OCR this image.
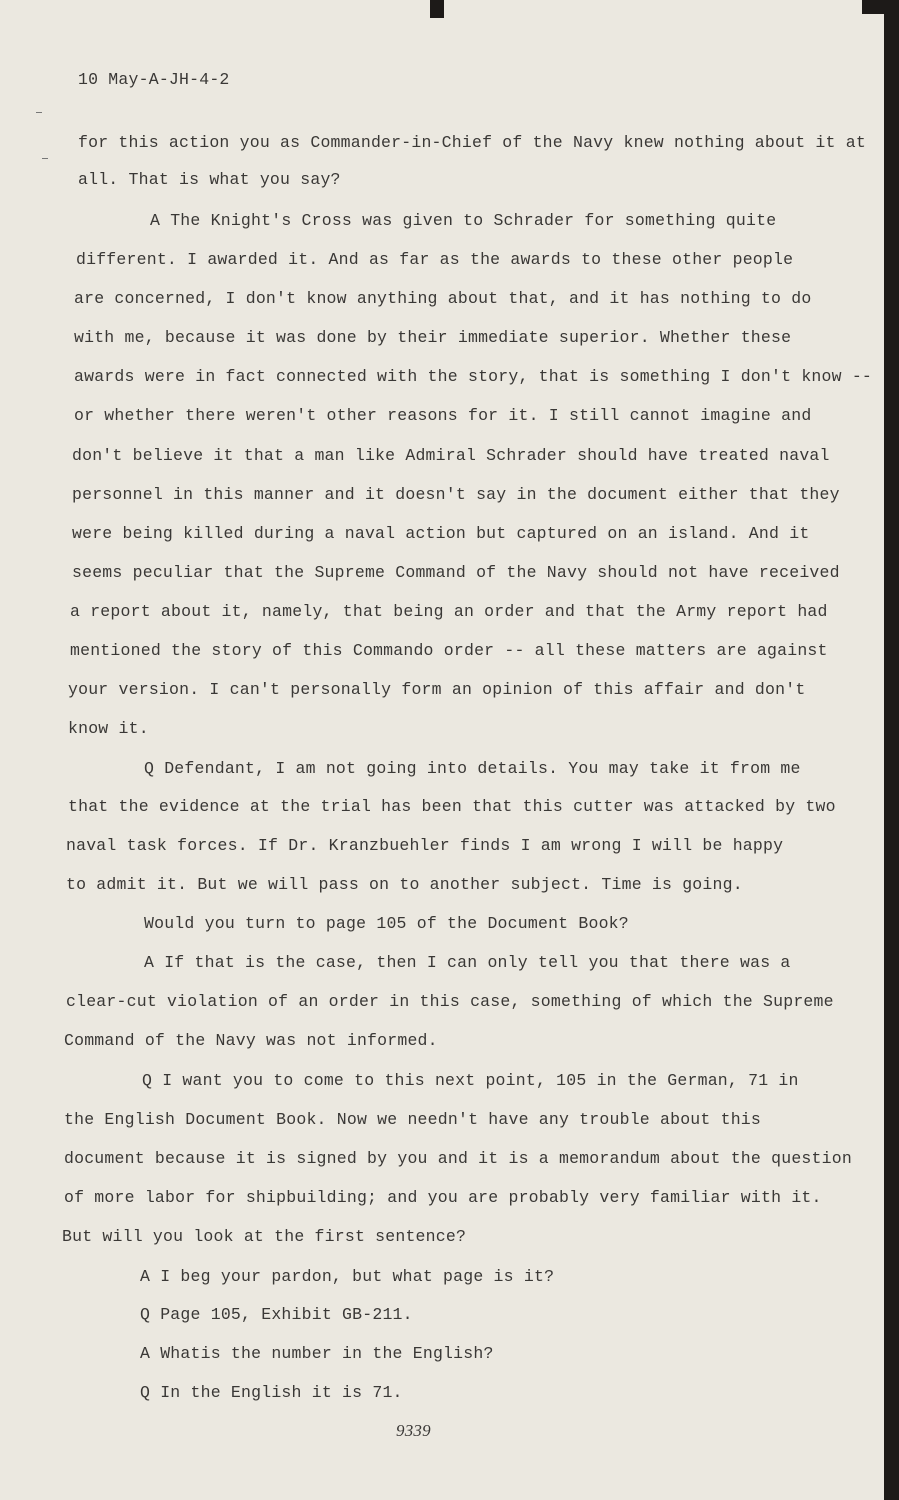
10 May-A-JH-4-2
for this action you as Commander-in-Chief of the Navy knew nothing about it at
all. That is what you say?
A The Knight's Cross was given to Schrader for something quite
different. I awarded it. And as far as the awards to these other people
are concerned, I don't know anything about that, and it has nothing to do
with me, because it was done by their immediate superior. Whether these
awards were in fact connected with the story, that is something I don't know --
or whether there weren't other reasons for it. I still cannot imagine and
don't believe it that a man like Admiral Schrader should have treated naval
personnel in this manner and it doesn't say in the document either that they
were being killed during a naval action but captured on an island. And it
seems peculiar that the Supreme Command of the Navy should not have received
a report about it, namely, that being an order and that the Army report had
mentioned the story of this Commando order -- all these matters are against
your version. I can't personally form an opinion of this affair and don't
know it.
Q Defendant, I am not going into details. You may take it from me
that the evidence at the trial has been that this cutter was attacked by two
naval task forces. If Dr. Kranzbuehler finds I am wrong I will be happy
to admit it. But we will pass on to another subject. Time is going.
Would you turn to page 105 of the Document Book?
A If that is the case, then I can only tell you that there was a
clear-cut violation of an order in this case, something of which the Supreme
Command of the Navy was not informed.
Q I want you to come to this next point, 105 in the German, 71 in
the English Document Book. Now we needn't have any trouble about this
document because it is signed by you and it is a memorandum about the question
of more labor for shipbuilding; and you are probably very familiar with it.
But will you look at the first sentence?
A I beg your pardon, but what page is it?
Q Page 105, Exhibit GB-211.
A Whatis the number in the English?
Q In the English it is 71.
9339
